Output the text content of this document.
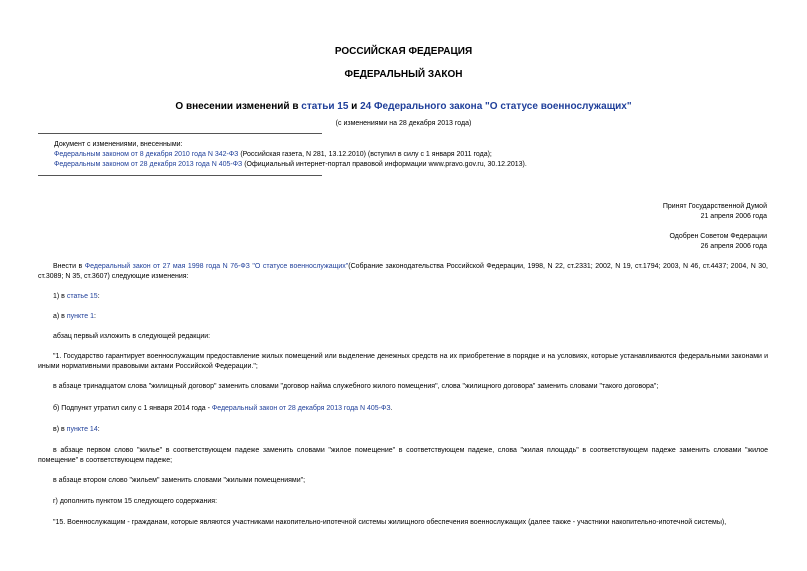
РОССИЙСКАЯ ФЕДЕРАЦИЯ
ФЕДЕРАЛЬНЫЙ ЗАКОН
О внесении изменений в статьи 15 и 24 Федерального закона "О статусе военнослужащих"
(с изменениями на 28 декабря 2013 года)
Документ с изменениями, внесенными:
Федеральным законом от 8 декабря 2010 года N 342-ФЗ (Российская газета, N 281, 13.12.2010) (вступил в силу с 1 января 2011 года);
Федеральным законом от 28 декабря 2013 года N 405-ФЗ (Официальный интернет-портал правовой информации www.pravo.gov.ru, 30.12.2013).
Принят Государственной Думой
21 апреля 2006 года
Одобрен Советом Федерации
26 апреля 2006 года
Внести в Федеральный закон от 27 мая 1998 года N 76-ФЗ "О статусе военнослужащих"(Собрание законодательства Российской Федерации, 1998, N 22, ст.2331; 2002, N 19, ст.1794; 2003, N 46, ст.4437; 2004, N 30, ст.3089; N 35, ст.3607) следующие изменения:
1) в статье 15:
а) в пункте 1:
абзац первый изложить в следующей редакции:
"1. Государство гарантирует военнослужащим предоставление жилых помещений или выделение денежных средств на их приобретение в порядке и на условиях, которые устанавливаются федеральными законами и иными нормативными правовыми актами Российской Федерации.";
в абзаце тринадцатом слова "жилищный договор" заменить словами "договор найма служебного жилого помещения", слова "жилищного договора" заменить словами "такого договора";
б) Подпункт утратил силу с 1 января 2014 года - Федеральный закон от 28 декабря 2013 года N 405-ФЗ.
в) в пункте 14:
в абзаце первом слово "жилье" в соответствующем падеже заменить словами "жилое помещение" в соответствующем падеже, слова "жилая площадь" в соответствующем падеже заменить словами "жилое помещение" в соответствующем падеже;
в абзаце втором слово "жильем" заменить словами "жилыми помещениями";
г) дополнить пунктом 15 следующего содержания:
"15. Военнослужащим - гражданам, которые являются участниками накопительно-ипотечной системы жилищного обеспечения военнослужащих (далее также - участники накопительно-ипотечной системы),
